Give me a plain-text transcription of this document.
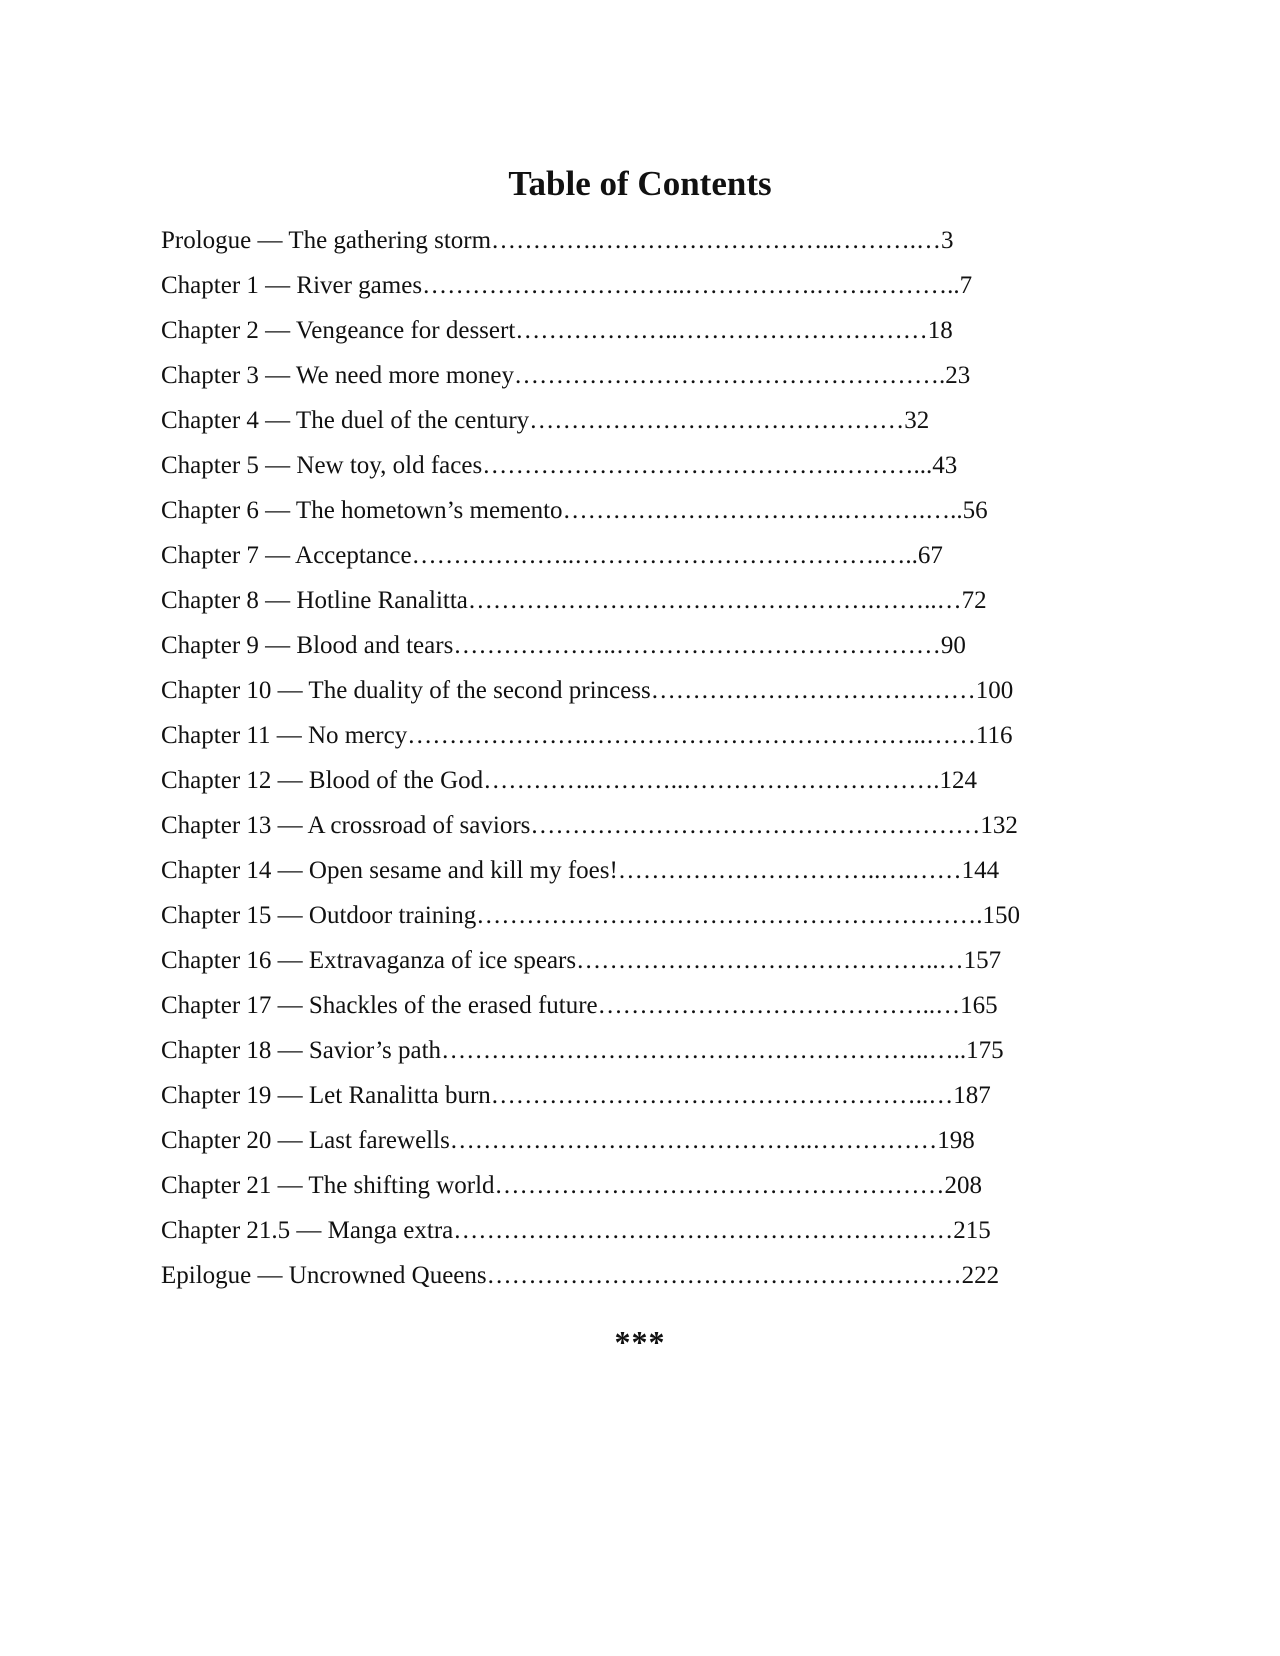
Table of Contents
Prologue — The gathering storm………….………………………..……….…3
Chapter 1 — River games…………………………..…………….…….………..7
Chapter 2 — Vengeance for dessert………………..…………………………18
Chapter 3 — We need more money…………………………………………….23
Chapter 4 — The duel of the century………………………………………32
Chapter 5 — New toy, old faces…………………………………….………...43
Chapter 6 — The hometown’s memento…………………………….……….…..56
Chapter 7 — Acceptance………………..……………………………….…..67
Chapter 8 — Hotline Ranalitta………………………………………….……..…72
Chapter 9 — Blood and tears………………..…………………………………90
Chapter 10 — The duality of the second princess…………………………………100
Chapter 11 — No mercy………………….…………………………………..……116
Chapter 12 — Blood of the God…………..………..………………………….124
Chapter 13 — A crossroad of saviors………………………………………………132
Chapter 14 — Open sesame and kill my foes!…………………………..….……144
Chapter 15 — Outdoor training…………………………………………………….150
Chapter 16 — Extravaganza of ice spears……………………………………..…157
Chapter 17 — Shackles of the erased future…………………………………..…165
Chapter 18 — Savior’s path…………………………………………………..…..175
Chapter 19 — Let Ranalitta burn……………………………………………..…187
Chapter 20 — Last farewells……………………………………..……………198
Chapter 21 — The shifting world………………………………………………208
Chapter 21.5 — Manga extra……………………………………………………215
Epilogue — Uncrowned Queens…………………………………………………222
***
